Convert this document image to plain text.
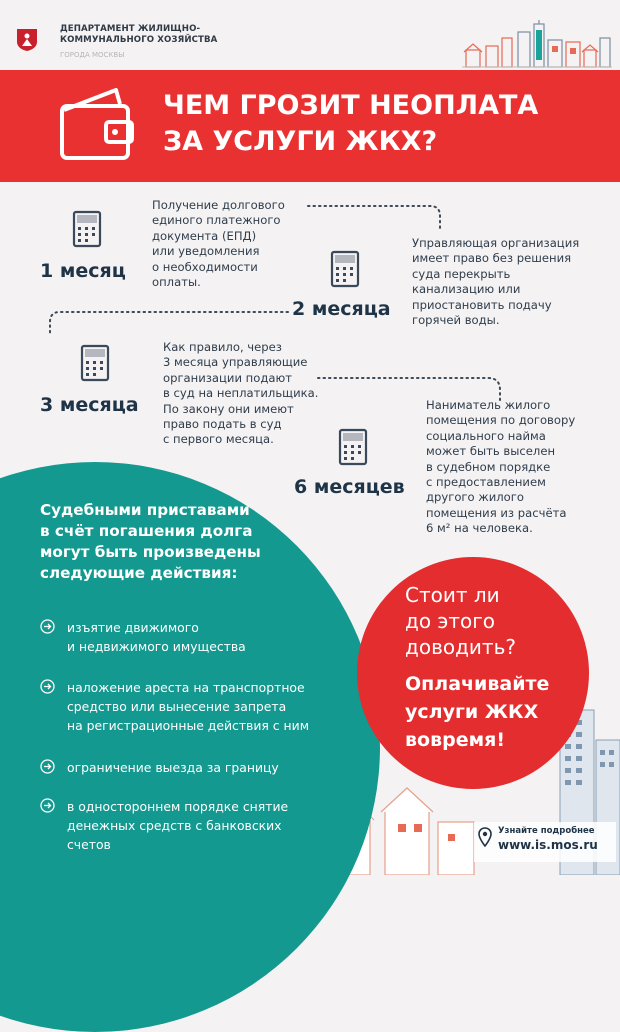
ДЕПАРТАМЕНТ ЖИЛИЩНО-
КОММУНАЛЬНОГО ХОЗЯЙСТВА
ГОРОДА МОСКВЫ
ЧЕМ ГРОЗИТ НЕОПЛАТА
ЗА УСЛУГИ ЖКХ?
1 месяц
Получение долгового
единого платежного
документа (ЕПД)
или уведомления
о необходимости
оплаты.
2 месяца
Управляющая организация
имеет право без решения
суда перекрыть
канализацию или
приостановить подачу
горячей воды.
3 месяца
Как правило, через
3 месяца управляющие
организации подают
в суд на неплатильщика.
По закону они имеют
право подать в суд
с первого месяца.
6 месяцев
Наниматель жилого
помещения по договору
социального найма
может быть выселен
в судебном порядке
с предоставлением
другого жилого
помещения из расчёта
6 м² на человека.
Судебными приставами
в счёт погашения долга
могут быть произведены
следующие действия:
изъятие движимого
и недвижимого имущества
наложение ареста на транспортное
средство или вынесение запрета
на регистрационные действия с ним
ограничение выезда за границу
в одностороннем порядке снятие
денежных средств с банковских
счетов
Стоит ли
до этого
доводить?
Оплачивайте
услуги ЖКХ
вовремя!
Узнайте подробнее
www.is.mos.ru
